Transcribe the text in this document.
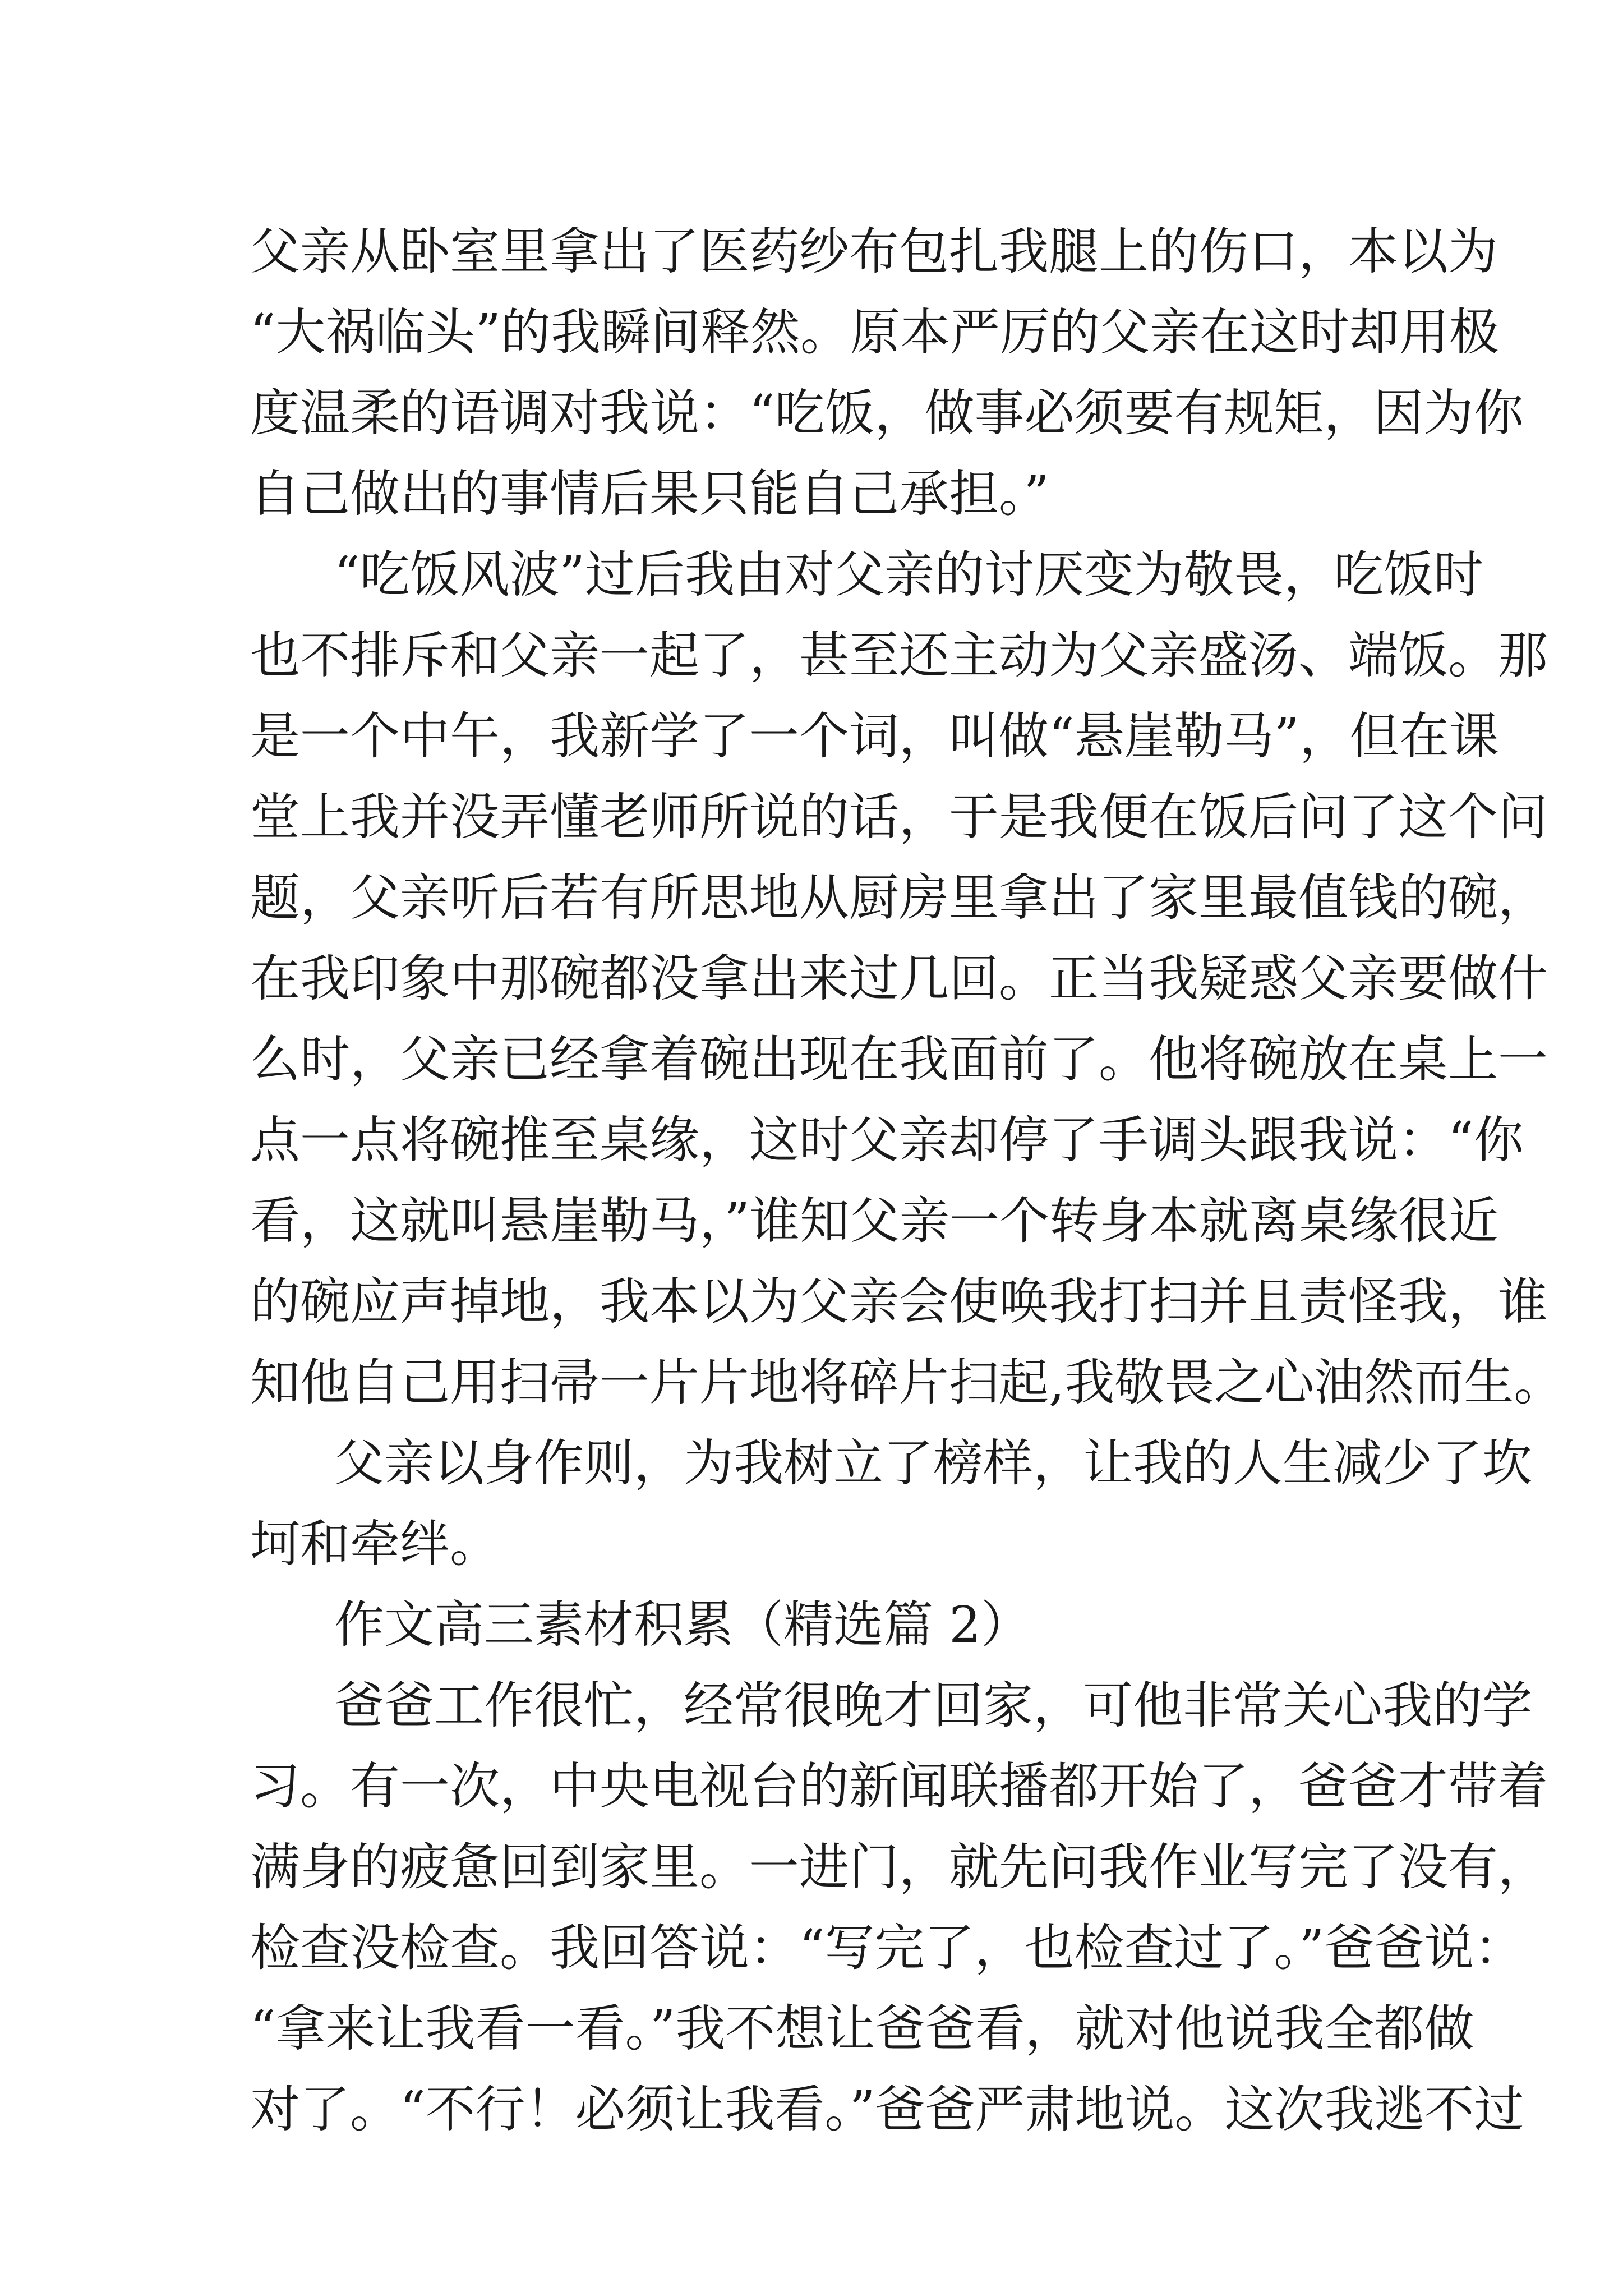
父亲从卧室里拿出了医药纱布包扎我腿上的伤口，本以为
“大祸临头”的我瞬间释然。原本严厉的父亲在这时却用极
度温柔的语调对我说：“吃饭，做事必须要有规矩，因为你
自己做出的事情后果只能自己承担。”
“吃饭风波”过后我由对父亲的讨厌变为敬畏，吃饭时
也不排斥和父亲一起了，甚至还主动为父亲盛汤、端饭。那
是一个中午，我新学了一个词，叫做“悬崖勒马”，但在课
堂上我并没弄懂老师所说的话，于是我便在饭后问了这个问
题，父亲听后若有所思地从厨房里拿出了家里最值钱的碗，
在我印象中那碗都没拿出来过几回。正当我疑惑父亲要做什
么时，父亲已经拿着碗出现在我面前了。他将碗放在桌上一
点一点将碗推至桌缘，这时父亲却停了手调头跟我说：“你
看，这就叫悬崖勒马，”谁知父亲一个转身本就离桌缘很近
的碗应声掉地，我本以为父亲会使唤我打扫并且责怪我，谁
知他自己用扫帚一片片地将碎片扫起,我敬畏之心油然而生。
父亲以身作则，为我树立了榜样，让我的人生减少了坎
坷和牵绊。
作文高三素材积累（精选篇 2）
爸爸工作很忙，经常很晚才回家，可他非常关心我的学
习。有一次，中央电视台的新闻联播都开始了，爸爸才带着
满身的疲惫回到家里。一进门，就先问我作业写完了没有，
检查没检查。我回答说：“写完了，也检查过了。”爸爸说：
“拿来让我看一看。”我不想让爸爸看，就对他说我全都做
对了。“不行！必须让我看。”爸爸严肃地说。这次我逃不过
